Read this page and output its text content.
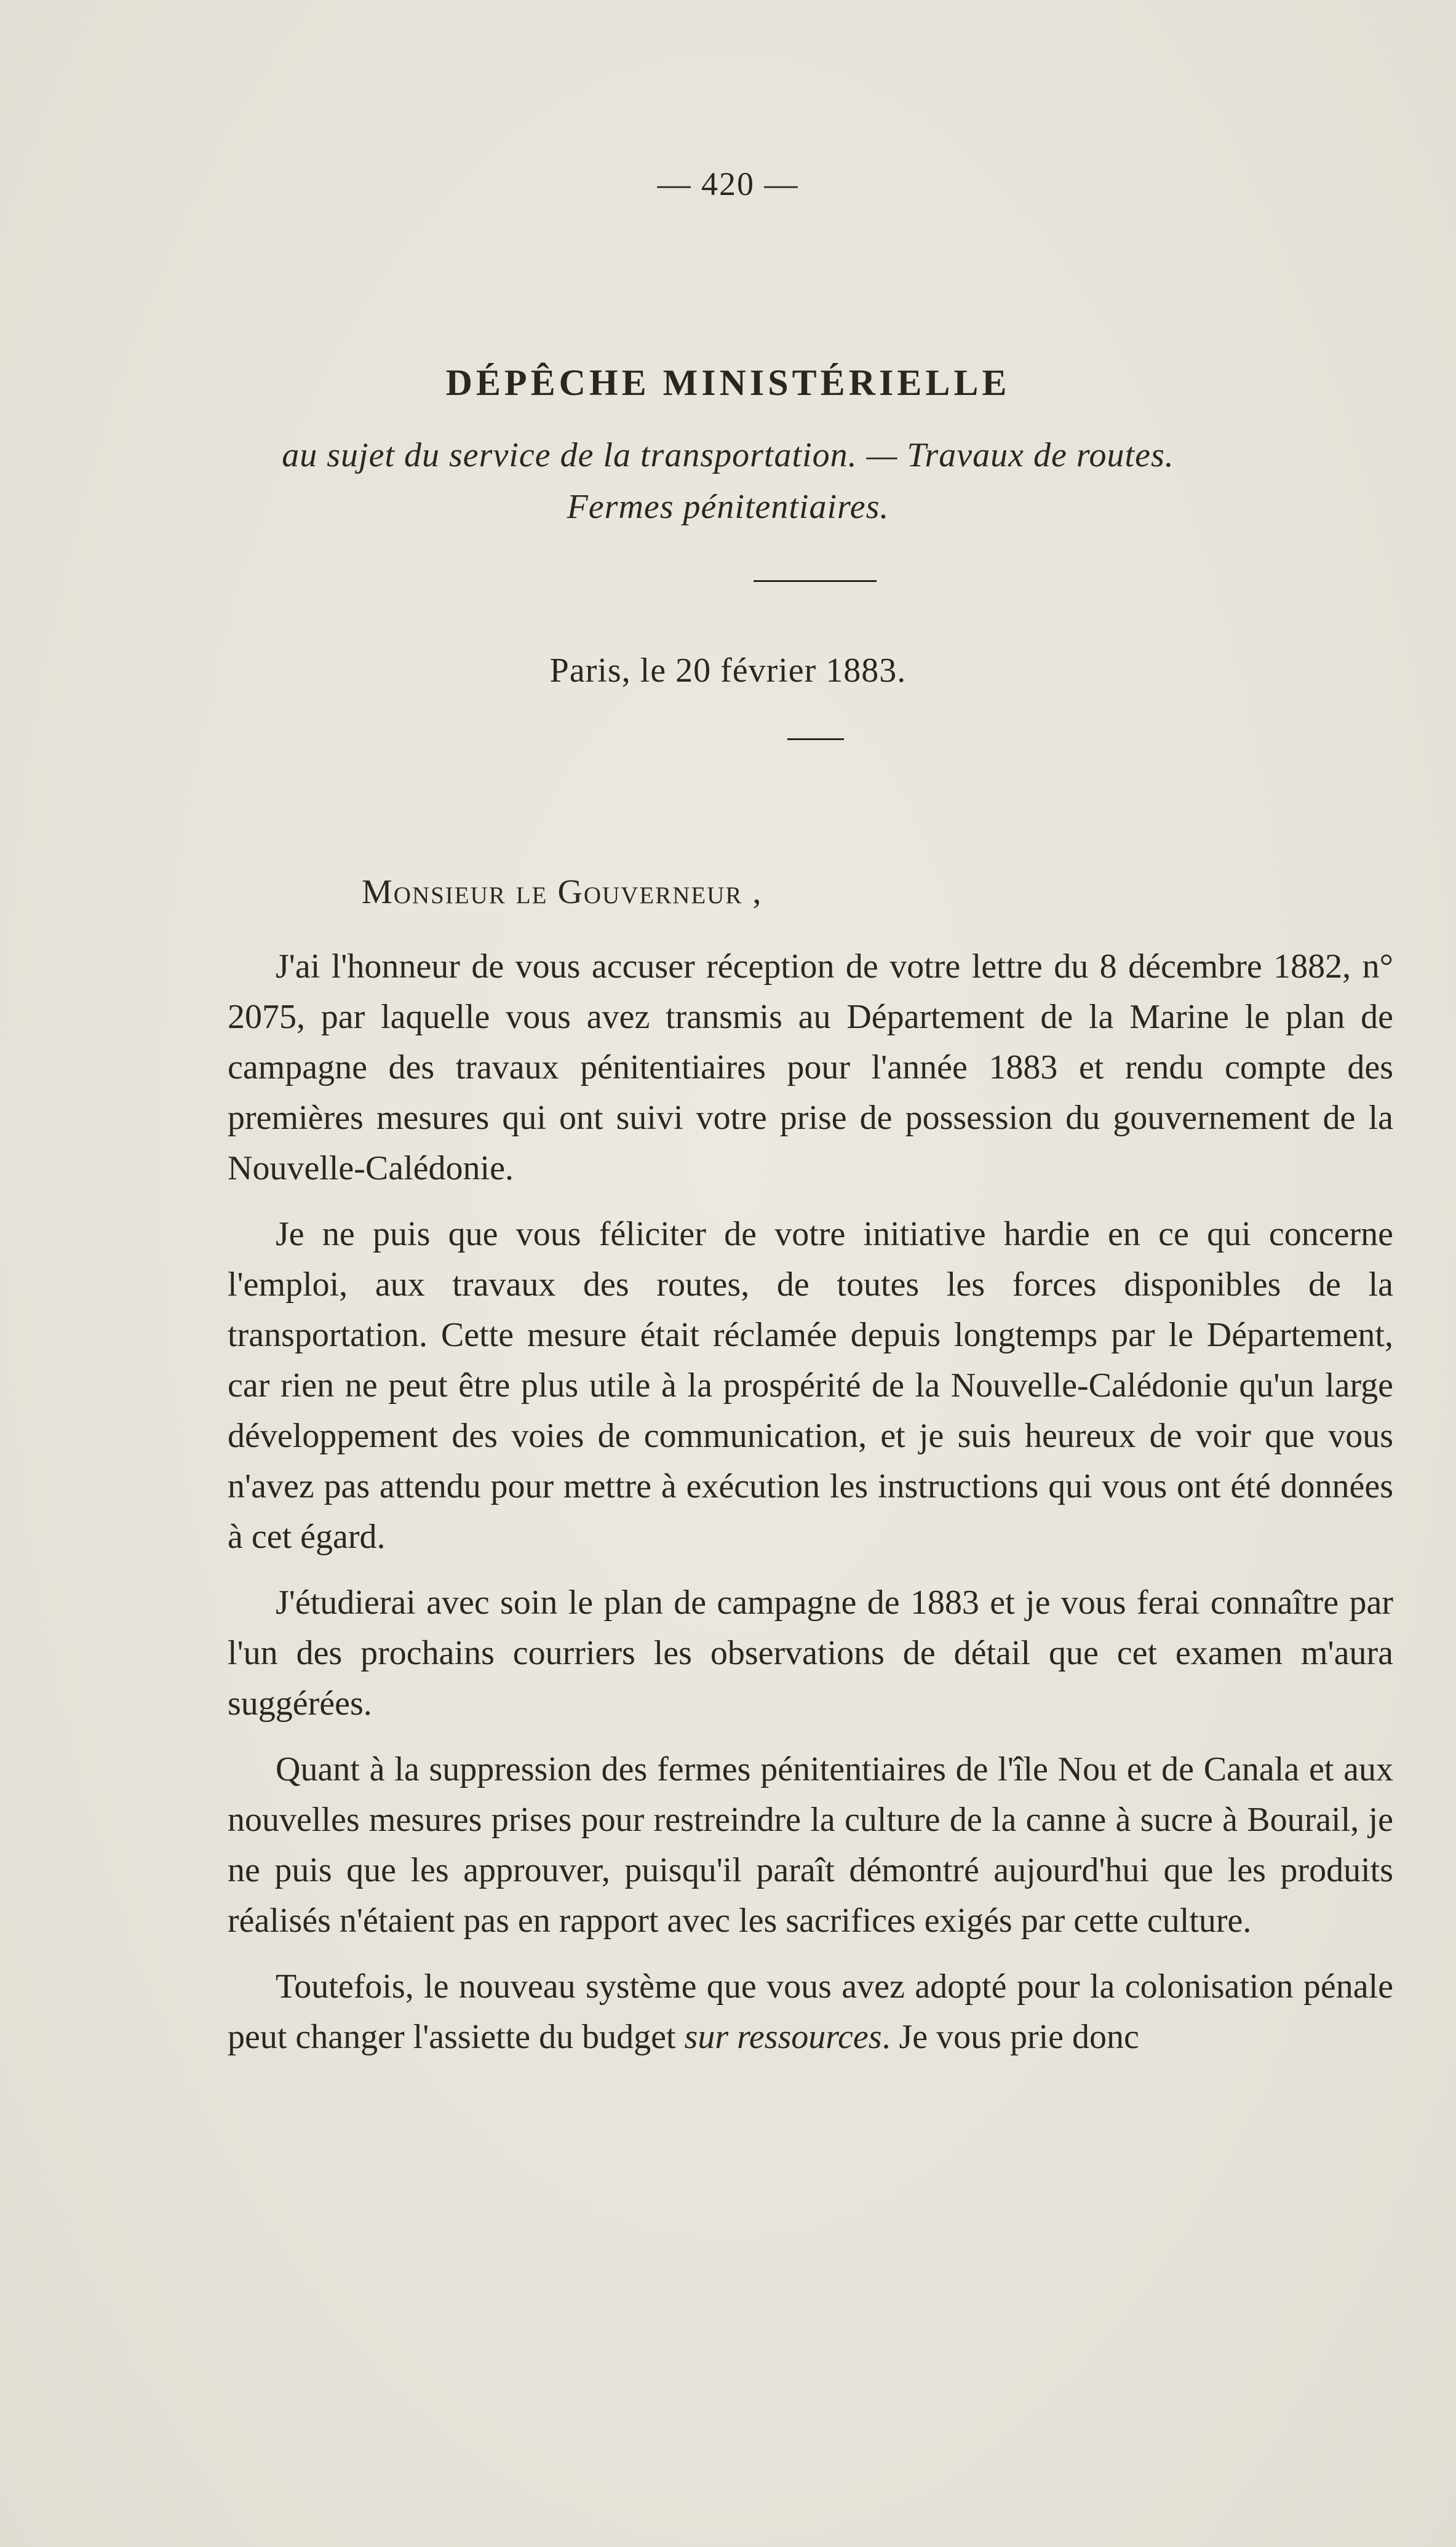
— 420 —
DÉPÊCHE MINISTÉRIELLE
au sujet du service de la transportation. — Travaux de routes.
Fermes pénitentiaires.
Paris, le 20 février 1883.
Monsieur le Gouverneur ,

J'ai l'honneur de vous accuser réception de votre lettre du 8 décembre 1882, n° 2075, par laquelle vous avez transmis au Département de la Marine le plan de campagne des travaux pénitentiaires pour l'année 1883 et rendu compte des premières mesures qui ont suivi votre prise de possession du gouvernement de la Nouvelle-Calédonie.

Je ne puis que vous féliciter de votre initiative hardie en ce qui concerne l'emploi, aux travaux des routes, de toutes les forces disponibles de la transportation. Cette mesure était réclamée depuis longtemps par le Département, car rien ne peut être plus utile à la prospérité de la Nouvelle-Calédonie qu'un large développement des voies de communication, et je suis heureux de voir que vous n'avez pas attendu pour mettre à exécution les instructions qui vous ont été données à cet égard.

J'étudierai avec soin le plan de campagne de 1883 et je vous ferai connaître par l'un des prochains courriers les observations de détail que cet examen m'aura suggérées.

Quant à la suppression des fermes pénitentiaires de l'île Nou et de Canala et aux nouvelles mesures prises pour restreindre la culture de la canne à sucre à Bourail, je ne puis que les approuver, puisqu'il paraît démontré aujourd'hui que les produits réalisés n'étaient pas en rapport avec les sacrifices exigés par cette culture.

Toutefois, le nouveau système que vous avez adopté pour la colonisation pénale peut changer l'assiette du budget sur ressources. Je vous prie donc
